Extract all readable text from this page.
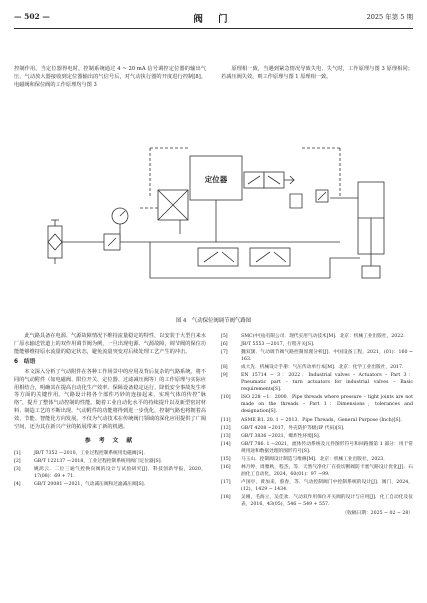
— 502 —	阀 门	2025 年第 5 期

控制作用。当定位器得电时，控制系统通过 4 ~ 20 mA 信号调控定位器的输出气压，气动放大器接收到定位器输出的气信号后，对气动执行器的开度进行控制[8]。电磁阀和保位阀的工作原理均与图 3

原理相一致，当遇到紧急情况导致失电、失气时，工作原理与图 3 原理相同；若减压阀失效，则工作原理与图 1 原理相一致。

定位器
图 4　气动保位阀调节阀气路图

此气路具备在电源、气源故障情况下维持流量稳定的特性，以安装于大型自来水厂原水输送管道上的双作用调节阀为例，一旦出现电源、气源故障，调节阀的保位功能能够维持原水流量的稳定状态，避免流量突变对后续处理工艺产生的冲击。

6　结语

本文深入分析了气动附件在各种工作场景中的应用及背后复杂的气路系统，将不同的气动附件（如电磁阀、限位开关、定位器、过滤减压阀等）的工作原理与实际应用相结合，明确其在提高自动化生产效率、保障设备稳定运行、降低安全事故发生率等方面的关键作用。气路设计将各个部件巧妙的连接起来，实现气体的传控“脉络”，提升了整体气动控制的性能。随着工业自动化水平的持续提升以及新型密封材料、制造工艺的不断出现，气动附件的功能将得到进一步优化，控制气路也将朝着高效、节能、智能化方向发展，不仅为气动技术在传统阀门领域的深化应用提供了广阔空间，还为其在新兴产业的拓展带来了新的机遇。

参 考 文 献
[1]	JB/T 7352 —2010，工业过程控制系统用电磁阀[S].
[2]	GB/T 122137 —2018，工业过程控制系统用阀门定位器[S].
[3]	姚鸿云．二位三通气控换向阀的设计与试验研究[J]．科技创新导报，2020，17(08)：69 + 71.
[4]	GB/T 20081 —2021，气动减压阀和过滤减压阀[S].
[5]	SMC(中国)有限公司．现代实用气动技术[M]．北京：机械工业出版社，2022.
[6]	JB/T 5553 —2017，行程开关[S].
[7]	魏双颉．气动调节阀气路控制原理分析[J]．中国设备工程，2021，(01)：160 ~ 163.
[8]	成大先．机械设计手册：气压传动单行本[M]．北京：化学工业出版社，2017.
[9]	EN 15714 − 3：2022．Industrial valves – Actuators – Part 3：Pneumatic part – turn actuators for industrial valves – Basic requirements[S].
[10]	ISO 228 −1：2000．Pipe threads where pressure – tight joints are not made on the threads – Part 1：Dimensions，tolerances and designation[S].
[11]	ASME B1. 20. 1 − 2013．Pipe Threads，General Purpose (Inch)[S].
[12]	GB/T 4208 −2017，外壳防护等级(IP 代码)[S].
[13]	GB/T 3836 −2021，爆炸性环境[S].
[14]	GB/T 786. 1 −2021，流体传动系统及元件图形符号和回路图第 1 部分：用于常规用途和数据处理的图形符号[S].
[15]	马玉山．控制阀设计制造与维修[M]．北京：机械工业出版社，2023.
[16]	林月婷，周雅秋，程杰，等．天然气净化厂在役切断阀防卡塞气路设计优化[J]．石油化工自动化，2024，60(01)：97 −99.
[17]	卢国亭，黄加来，蔡春，等．气动控制阀门中控制系统的设计[J]．阀门，2024，(12)，1429 − 1434.
[18]	吴刚，毛海立，吴佳欢．气动双作用保位开关阀的设计与应用[J]．化工自动化及仪表，2016，43(05)，546 − 549 + 557.
（收稿日期：2025 − 02 − 28）
